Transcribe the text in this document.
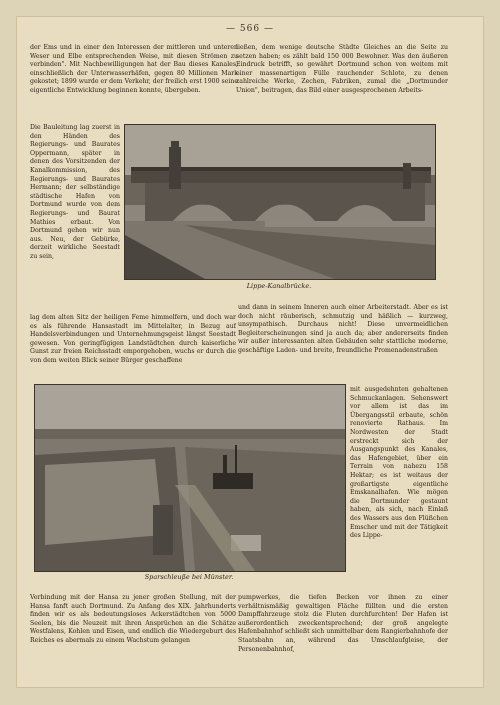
— 566 —

der Ems und in einer den Interessen der mittleren und unteren Weser und Elbe entsprechenden Weise, mit diesen Strömen zu verbinden". Mit Nachbewilligungen hat der Bau dieses Kanales, einschließlich der Unterwasserhäfen, gegen 80 Millionen Mark gekostet; 1899 wurde er dem Verkehr, der freilich erst 1900 seine eigentliche Entwicklung beginnen konnte, übergeben.

ließen, dem wenige deutsche Städte Gleiches an die Seite zu setzen haben; es zählt bald 150 000 Bewohner. Was den äußeren Eindruck betrifft, so gewährt Dortmund schon von weitem mit einer massenartigen Fülle rauchender Schlote, zu denen zahlreiche Werke, Zechen, Fabriken, zumal die „Dortmunder Union", beitragen, das Bild einer ausgesprochenen Arbeits-

Die Bauleitung lag zuerst in den Händen des Regierungs- und Baurates Oppermann, später in denen des Vorsitzenden der Kanalkommission, des Regierungs- und Baurates Hermann; der selbständige städtische Hafen von Dortmund wurde von dem Regierungs- und Baurat Mathies erbaut. Von Dortmund gehen wir nun aus. Neu, der Gebürke, derzeit wirkliche Seestadt zu sein,

Lippe-Kanalbrücke.

lag dem alten Sitz der heiligen Feme himmelfern, und doch war es als führende Hansastadt im Mittelalter, in Bezug auf Handelsverbindungen und Unternehmungsgeist längst Seestadt gewesen. Von geringfügigen Landstädtchen durch kaiserliche Gunst zur freien Reichsstadt emporgehoben, wuchs er durch die von dem weiten Blick seiner Bürger geschaffene

und dann in seinem Inneren auch einer Arbeiterstadt. Aber es ist doch nicht räuberisch, schmutzig und häßlich — kurzweg, unsympathisch. Durchaus nicht! Diese unvermeidlichen Begleiterscheinungen sind ja auch da; aber andererseits finden wir außer interessanten alten Gebäuden sehr stattliche moderne, geschäftige Laden- und breite, freundliche Promenadenstraßen

Sparschleuße bei Münster.

mit ausgedehnten gehaltenen Schmuckanlagen. Sehenswert vor allem ist das im Übergangsstil erbaute, schön renovierte Rathaus. Im Nordwesten der Stadt erstreckt sich der Ausgangspunkt des Kanales, das Hafengebiet, über ein Terrain von nahezu 158 Hektar; es ist weitaus der großartigste eigentliche Emskanalhafen. Wie mögen die Dortmunder gestaunt haben, als sich, nach Einlaß des Wassers aus den Flüßchen Emscher und mit der Tätigkeit des Lippe-

Verbindung mit der Hansa zu jener großen Stellung, mit der Hansa fanft auch Dortmund. Zu Anfang des XIX. Jahrhunderts finden wir es als bedeutungsloses Ackerstädtchen von 5000 Seelen, bis die Neuzeit mit ihren Ansprüchen an die Schätze Westfalens, Kohlen und Eisen, und endlich die Wiedergeburt des Reiches es abermals zu einem Wachstum gelangen

pumpwerkes, die tiefen Becken vor ihnen zu einer verhältnismäßig gewaltigen Fläche füllten und die ersten Dampffahrzeuge stolz die Fluten durchfurchten! Der Hafen ist außerordentlich zweckentsprechend; der groß angelegte Hafenbahnhof schließt sich unmittelbar dem Rangierbahnhofe der Staatsbahn an, während das Umschlaufgleise, der Personenbahnhof,
